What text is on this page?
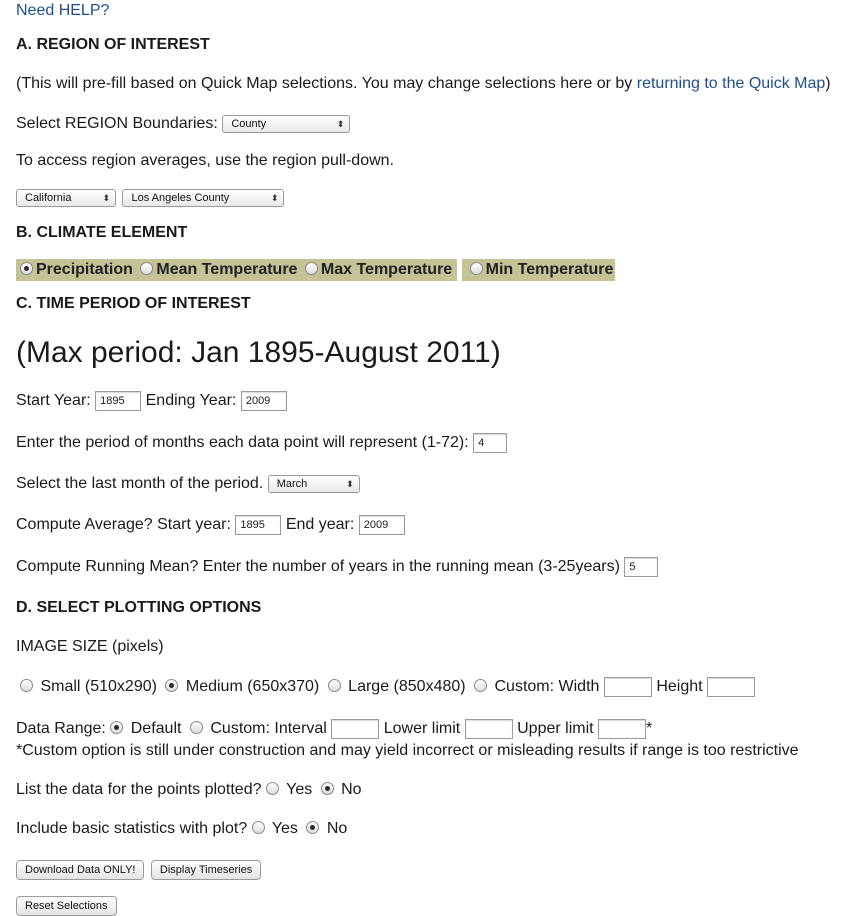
Need HELP?
A. REGION OF INTEREST
(This will pre-fill based on Quick Map selections. You may change selections here or by returning to the Quick Map)
Select REGION Boundaries: County	⬍
To access region averages, use the region pull-down.
California	⬍ Los Angeles County	⬍
B. CLIMATE ELEMENT
Precipitation Mean Temperature Max Temperature Min Temperature
C. TIME PERIOD OF INTEREST
(Max period: Jan 1895-August 2011)
Start Year: 1895 Ending Year: 2009
Enter the period of months each data point will represent (1-72): 4
Select the last month of the period. March	⬍
Compute Average? Start year: 1895 End year: 2009
Compute Running Mean? Enter the number of years in the running mean (3-25years) 5
D. SELECT PLOTTING OPTIONS
IMAGE SIZE (pixels)
Small (510x290) Medium (650x370) Large (850x480) Custom: Width	Height
Data Range: Default Custom: Interval	Lower limit	Upper limit	*
*Custom option is still under construction and may yield incorrect or misleading results if range is too restrictive
List the data for the points plotted? Yes No
Include basic statistics with plot? Yes No
Download Data ONLY! Display Timeseries
Reset Selections
